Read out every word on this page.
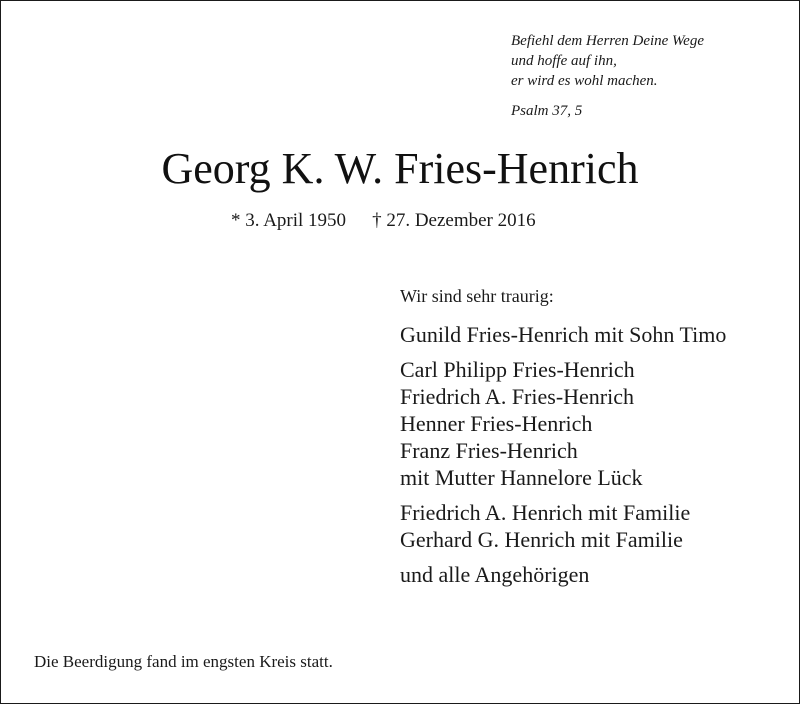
Befiehl dem Herren Deine Wege
und hoffe auf ihn,
er wird es wohl machen.
Psalm 37, 5
Georg K. W. Fries-Henrich
* 3. April 1950 † 27. Dezember 2016
Wir sind sehr traurig:
Gunild Fries-Henrich mit Sohn Timo
Carl Philipp Fries-Henrich
Friedrich A. Fries-Henrich
Henner Fries-Henrich
Franz Fries-Henrich
mit Mutter Hannelore Lück
Friedrich A. Henrich mit Familie
Gerhard G. Henrich mit Familie
und alle Angehörigen
Die Beerdigung fand im engsten Kreis statt.
